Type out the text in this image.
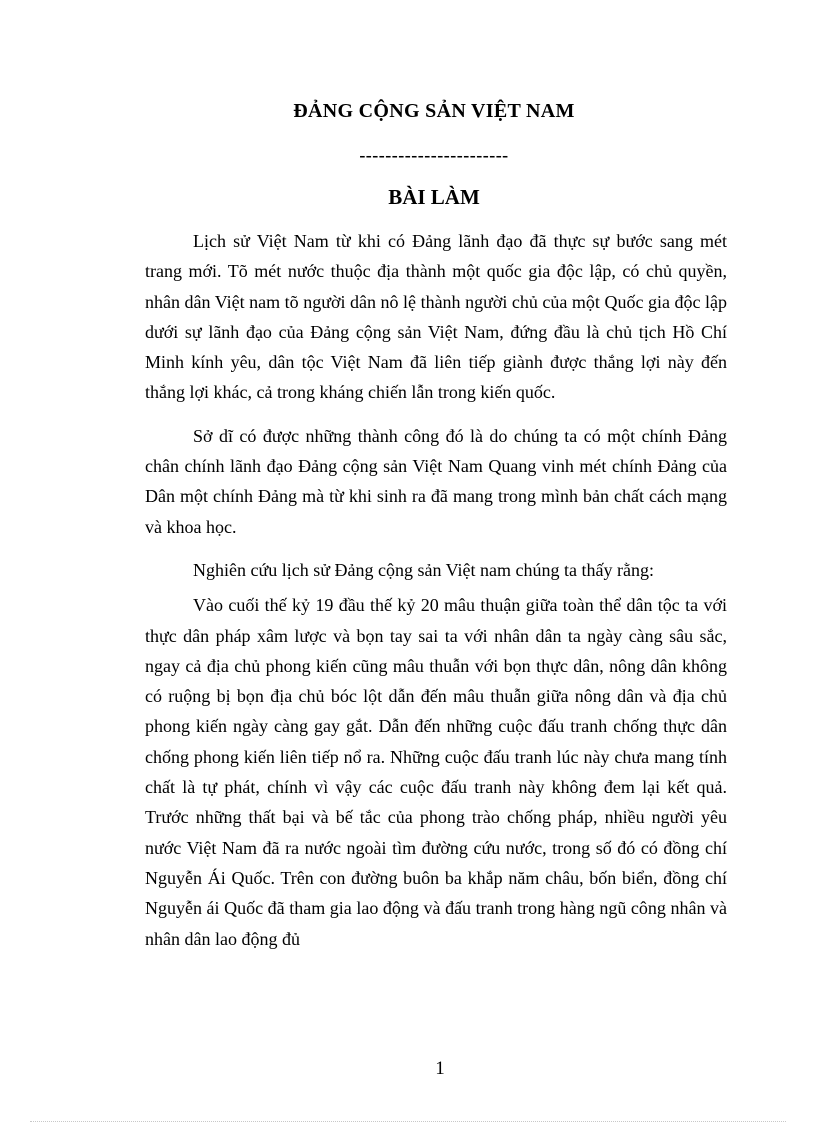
ĐẢNG CỘNG SẢN VIỆT NAM
-----------------------
BÀI LÀM

Lịch sử Việt Nam từ khi có Đảng lãnh đạo đã thực sự bước sang mét trang mới. Tõ mét nước thuộc địa thành một quốc gia độc lập, có chủ quyền, nhân dân Việt nam tõ người dân nô lệ thành người chủ của một Quốc gia độc lập dưới sự lãnh đạo của Đảng cộng sản Việt Nam, đứng đầu là chủ tịch Hồ Chí Minh kính yêu, dân tộc Việt Nam đã liên tiếp giành được thắng lợi này đến thắng lợi khác, cả trong kháng chiến lẫn trong kiến quốc.

Sở dĩ có được những thành công đó là do chúng ta có một chính Đảng chân chính lãnh đạo Đảng cộng sản Việt Nam Quang vinh mét chính Đảng của Dân một chính Đảng mà từ khi sinh ra đã mang trong mình bản chất cách mạng và khoa học.

Nghiên cứu lịch sử Đảng cộng sản Việt nam chúng ta thấy rằng:

Vào cuối thế kỷ 19 đầu thế kỷ 20 mâu thuận giữa toàn thể dân tộc ta với thực dân pháp xâm lược và bọn tay sai ta với nhân dân ta ngày càng sâu sắc, ngay cả địa chủ phong kiến cũng mâu thuẫn với bọn thực dân, nông dân không có ruộng bị bọn địa chủ bóc lột dẫn đến mâu thuẫn giữa nông dân và địa chủ phong kiến ngày càng gay gắt. Dẫn đến những cuộc đấu tranh chống thực dân chống phong kiến liên tiếp nổ ra. Những cuộc đấu tranh lúc này chưa mang tính chất là tự phát, chính vì vậy các cuộc đấu tranh này không đem lại kết quả. Trước những thất bại và bế tắc của phong trào chống pháp, nhiều người yêu nước Việt Nam đã ra nước ngoài tìm đường cứu nước, trong số đó có đồng chí Nguyễn Ái Quốc. Trên con đường buôn ba khắp năm châu, bốn biển, đồng chí Nguyễn ái Quốc đã tham gia lao động và đấu tranh trong hàng ngũ công nhân và nhân dân lao động đủ

1
